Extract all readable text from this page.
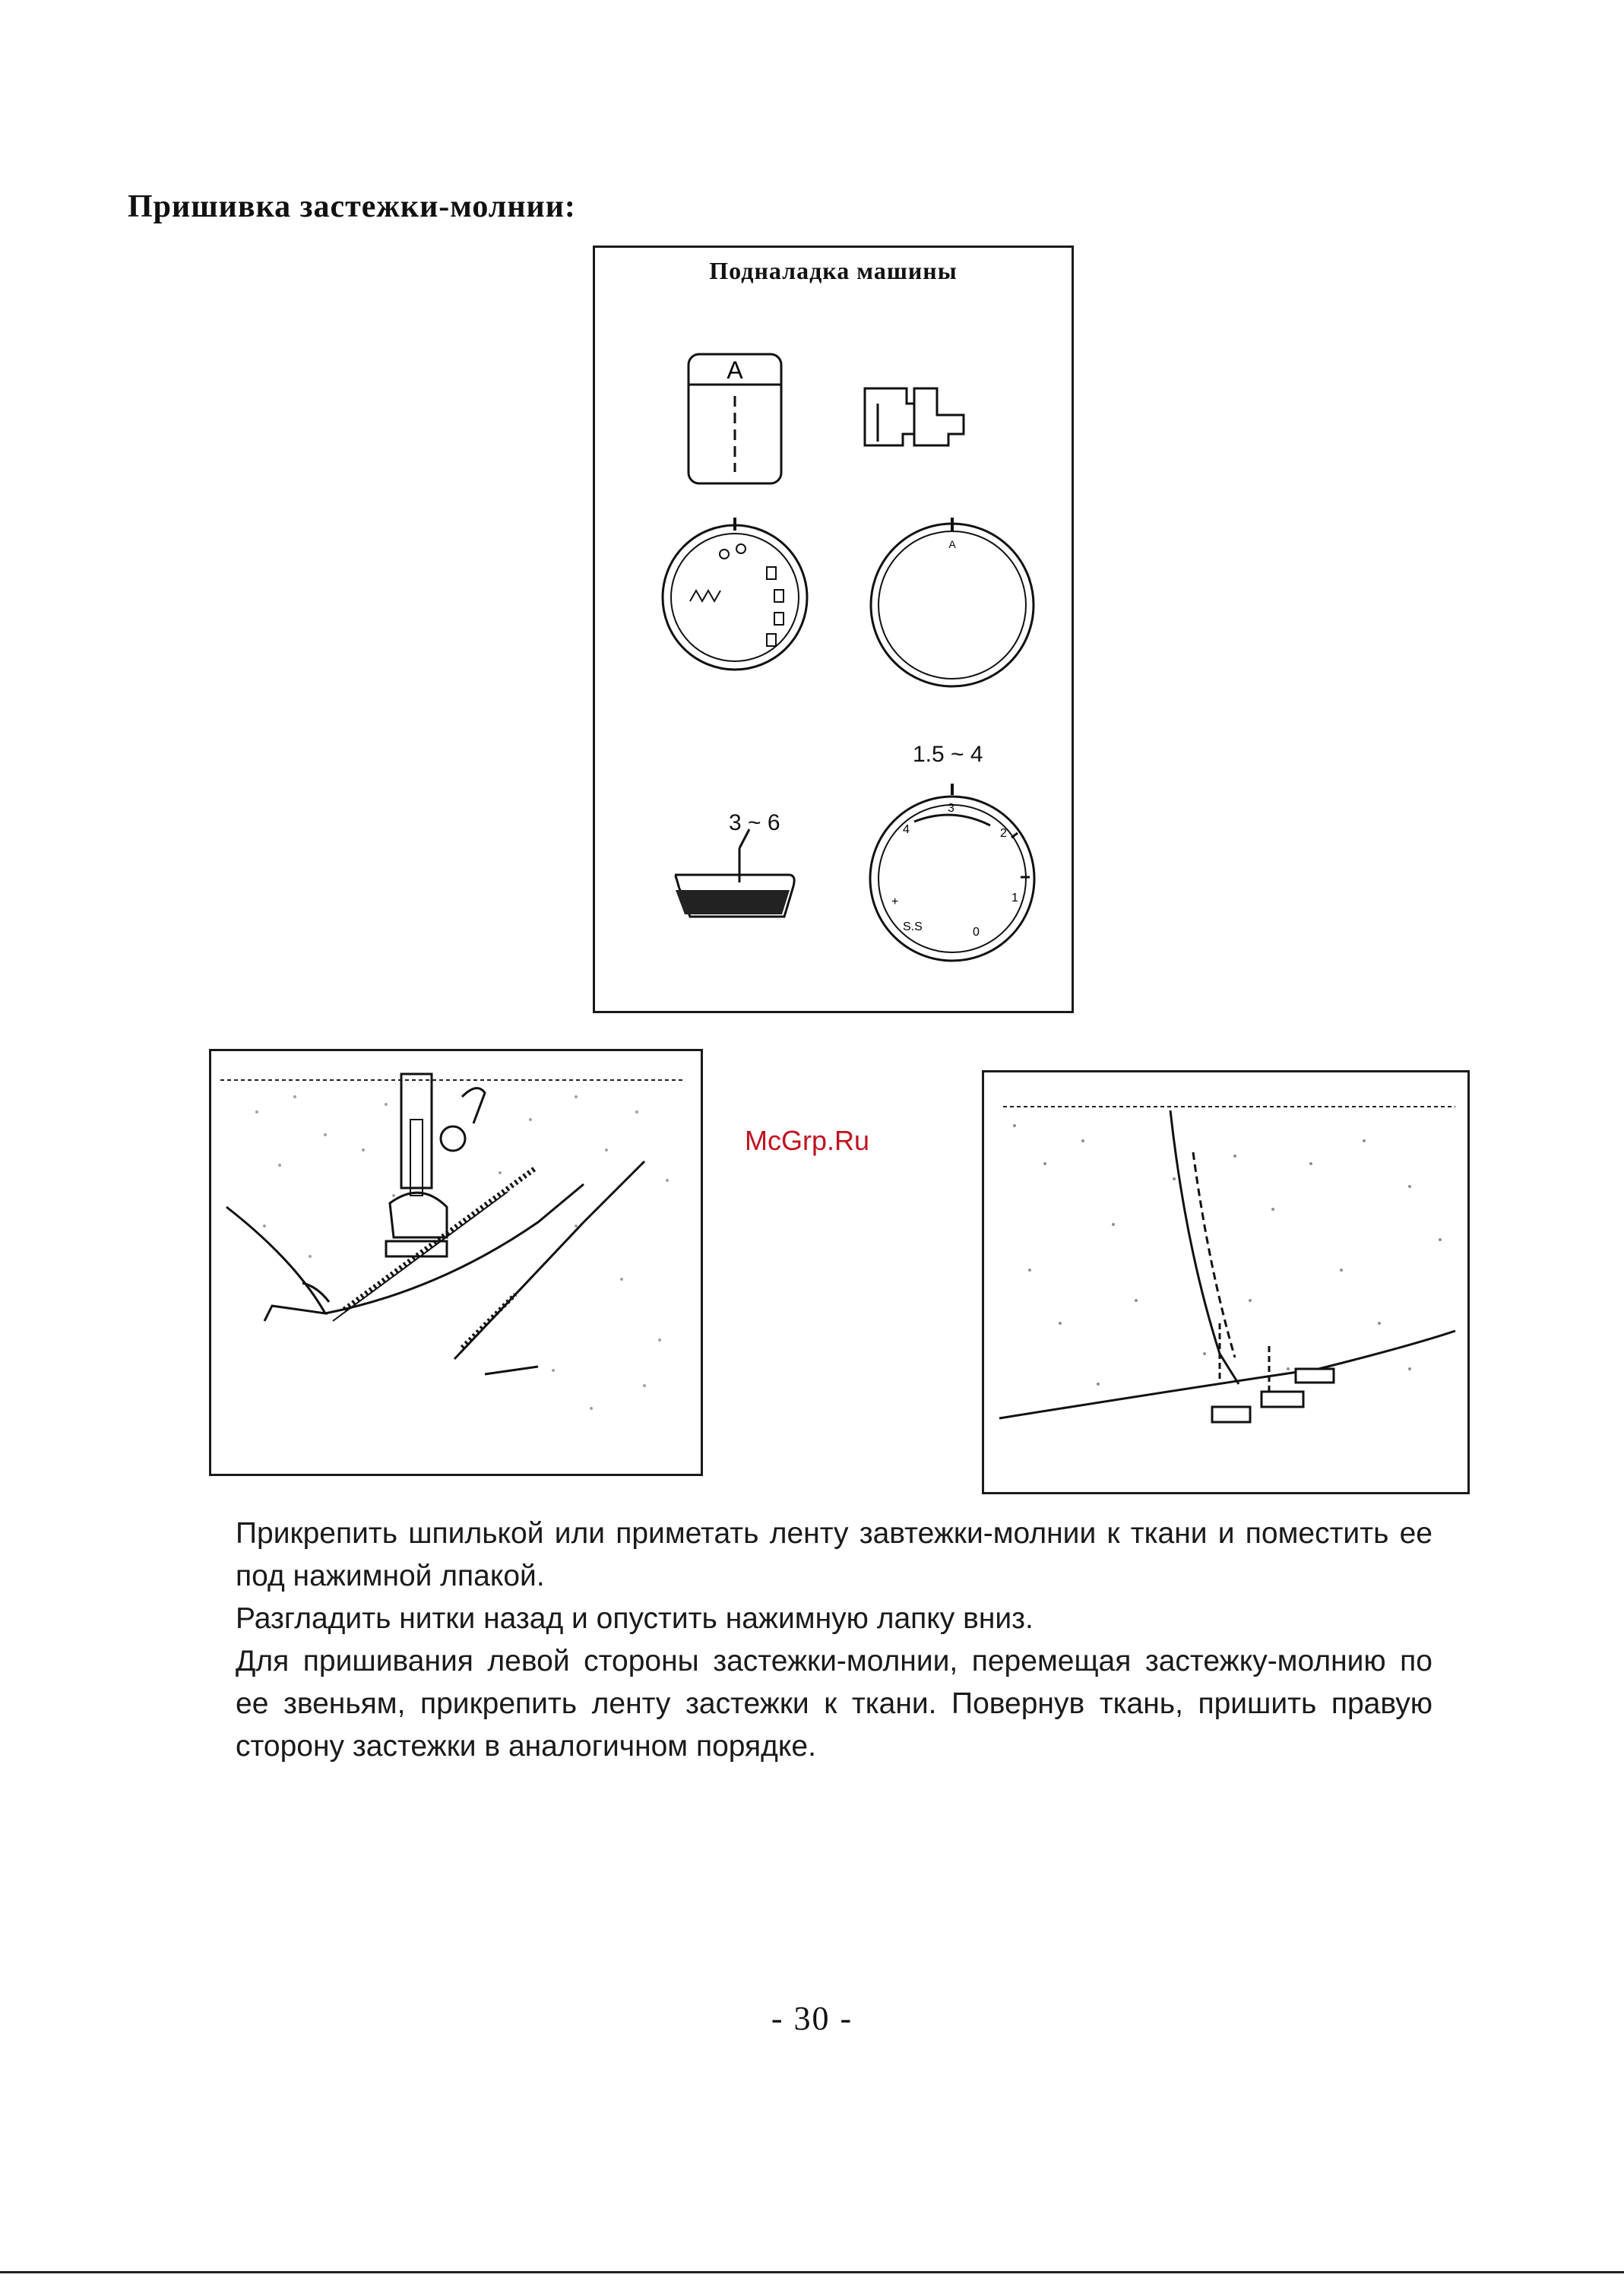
Пришивка застежки-молнии:
Подналадка машины
A
A
4
3
2
1
0
S.S
+
3 ~ 6
1.5 ~ 4
McGrp.Ru

Прикрепить шпилькой или приметать ленту завтежки-молнии к ткани и поместить ее под нажимной лпакой.

Разгладить нитки назад и опустить нажимную лапку вниз.

Для пришивания левой стороны застежки-молнии, перемещая застежку-молнию по ее звеньям, прикрепить ленту застежки к ткани. Повернув ткань, пришить правую сторону застежки в аналогичном порядке.

- 30 -
